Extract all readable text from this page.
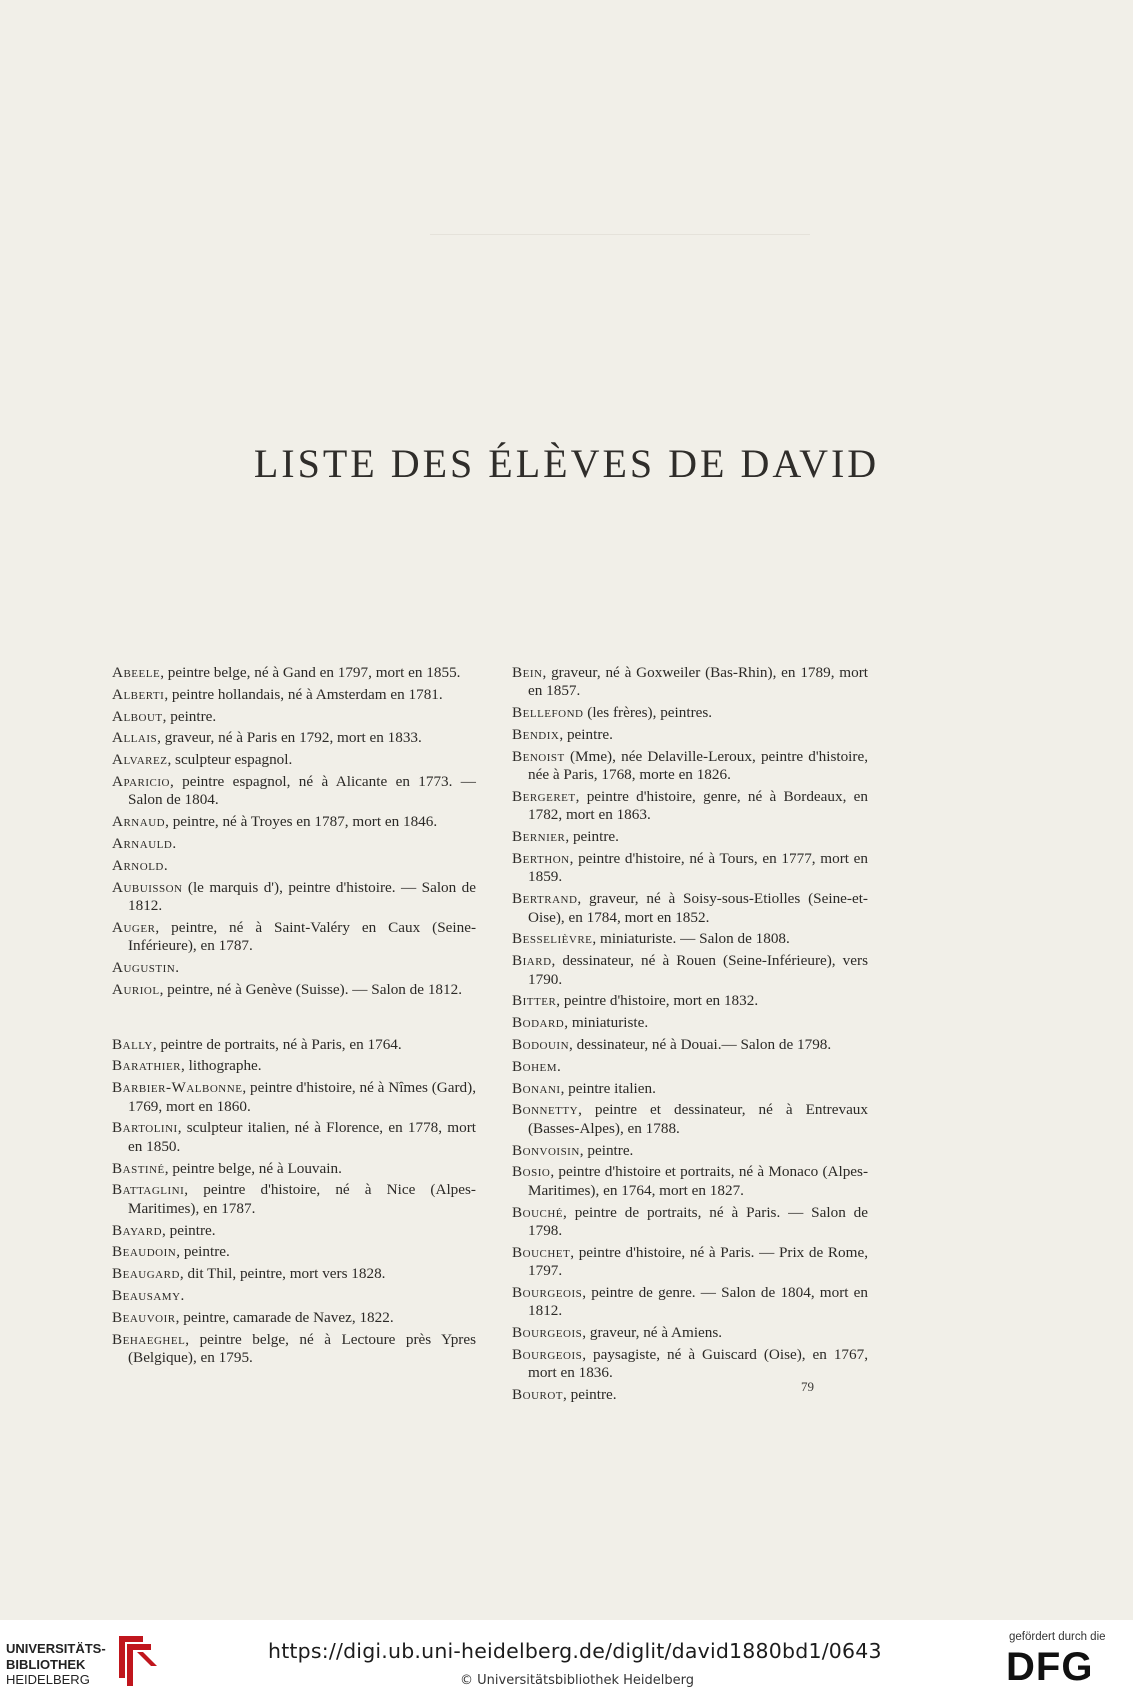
LISTE DES ÉLÈVES DE DAVID

Abeele, peintre belge, né à Gand en 1797, mort en 1855.

Alberti, peintre hollandais, né à Amsterdam en 1781.

Albout, peintre.

Allais, graveur, né à Paris en 1792, mort en 1833.

Alvarez, sculpteur espagnol.

Aparicio, peintre espagnol, né à Alicante en 1773. — Salon de 1804.

Arnaud, peintre, né à Troyes en 1787, mort en 1846.

Arnauld.

Arnold.

Aubuisson (le marquis d'), peintre d'histoire. — Salon de 1812.

Auger, peintre, né à Saint-Valéry en Caux (Seine-Inférieure), en 1787.

Augustin.

Auriol, peintre, né à Genève (Suisse). — Salon de 1812.

Bally, peintre de portraits, né à Paris, en 1764.

Barathier, lithographe.

Barbier-Walbonne, peintre d'histoire, né à Nîmes (Gard), 1769, mort en 1860.

Bartolini, sculpteur italien, né à Florence, en 1778, mort en 1850.

Bastiné, peintre belge, né à Louvain.

Battaglini, peintre d'histoire, né à Nice (Alpes-Maritimes), en 1787.

Bayard, peintre.

Beaudoin, peintre.

Beaugard, dit Thil, peintre, mort vers 1828.

Beausamy.

Beauvoir, peintre, camarade de Navez, 1822.

Behaeghel, peintre belge, né à Lectoure près Ypres (Belgique), en 1795.

Bein, graveur, né à Goxweiler (Bas-Rhin), en 1789, mort en 1857.

Bellefond (les frères), peintres.

Bendix, peintre.

Benoist (Mme), née Delaville-Leroux, peintre d'histoire, née à Paris, 1768, morte en 1826.

Bergeret, peintre d'histoire, genre, né à Bordeaux, en 1782, mort en 1863.

Bernier, peintre.

Berthon, peintre d'histoire, né à Tours, en 1777, mort en 1859.

Bertrand, graveur, né à Soisy-sous-Etiolles (Seine-et-Oise), en 1784, mort en 1852.

Besselièvre, miniaturiste. — Salon de 1808.

Biard, dessinateur, né à Rouen (Seine-Inférieure), vers 1790.

Bitter, peintre d'histoire, mort en 1832.

Bodard, miniaturiste.

Bodouin, dessinateur, né à Douai.— Salon de 1798.

Bohem.

Bonani, peintre italien.

Bonnetty, peintre et dessinateur, né à Entrevaux (Basses-Alpes), en 1788.

Bonvoisin, peintre.

Bosio, peintre d'histoire et portraits, né à Monaco (Alpes-Maritimes), en 1764, mort en 1827.

Bouché, peintre de portraits, né à Paris. — Salon de 1798.

Bouchet, peintre d'histoire, né à Paris. — Prix de Rome, 1797.

Bourgeois, peintre de genre. — Salon de 1804, mort en 1812.

Bourgeois, graveur, né à Amiens.

Bourgeois, paysagiste, né à Guiscard (Oise), en 1767, mort en 1836.

Bourot, peintre.	79
UNIVERSITÄTS-
BIBLIOTHEK
HEIDELBERG
https://digi.ub.uni-heidelberg.de/diglit/david1880bd1/0643
© Universitätsbibliothek Heidelberg
gefördert durch die
DFG
